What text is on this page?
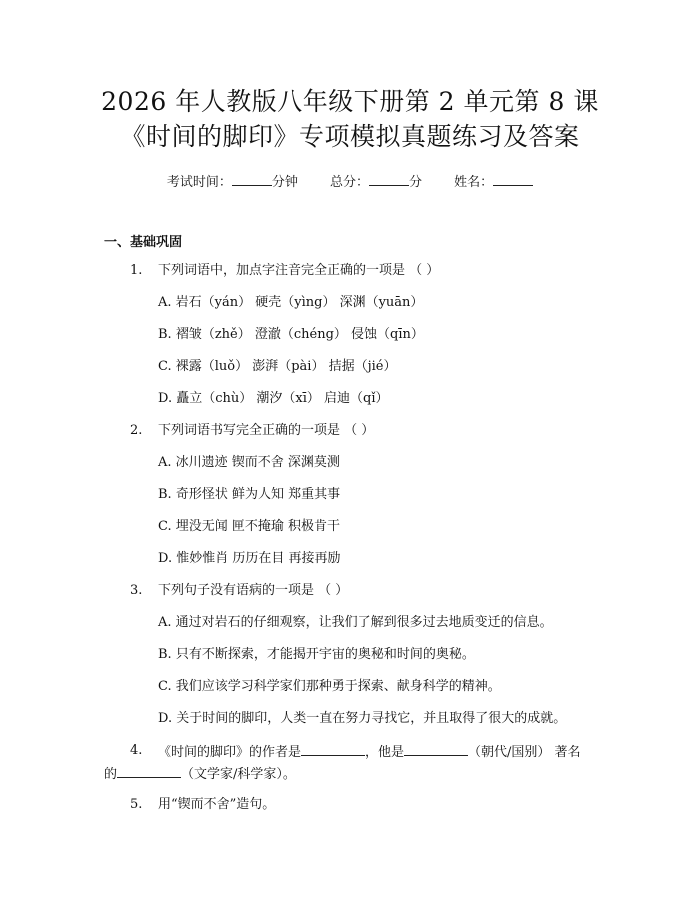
2026 年人教版八年级下册第 2 单元第 8 课
《时间的脚印》专项模拟真题练习及答案
考试时间：	分钟 总分：	分 姓名：
一、基础巩固
1. 下列词语中，加点字注音完全正确的一项是 （ ）
A. 岩石（yán） 硬壳（yìng） 深渊（yuān）
B. 褶皱（zhě） 澄澈（chéng） 侵蚀（qīn）
C. 裸露（luǒ） 澎湃（pài） 拮据（jié）
D. 矗立（chù） 潮汐（xī） 启迪（qǐ）
2. 下列词语书写完全正确的一项是 （ ）
A. 冰川遗迹 锲而不舍 深渊莫测
B. 奇形怪状 鲜为人知 郑重其事
C. 埋没无闻 匣不掩瑜 积极肯干
D. 惟妙惟肖 历历在目 再接再励
3. 下列句子没有语病的一项是 （ ）
A. 通过对岩石的仔细观察，让我们了解到很多过去地质变迁的信息。
B. 只有不断探索，才能揭开宇宙的奥秘和时间的奥秘。
C. 我们应该学习科学家们那种勇于探索、献身科学的精神。
D. 关于时间的脚印，人类一直在努力寻找它，并且取得了很大的成就。
4. 《时间的脚印》的作者是	，他是	（朝代/国别） 著名
的	（文学家/科学家）。
5. 用“锲而不舍”造句。
